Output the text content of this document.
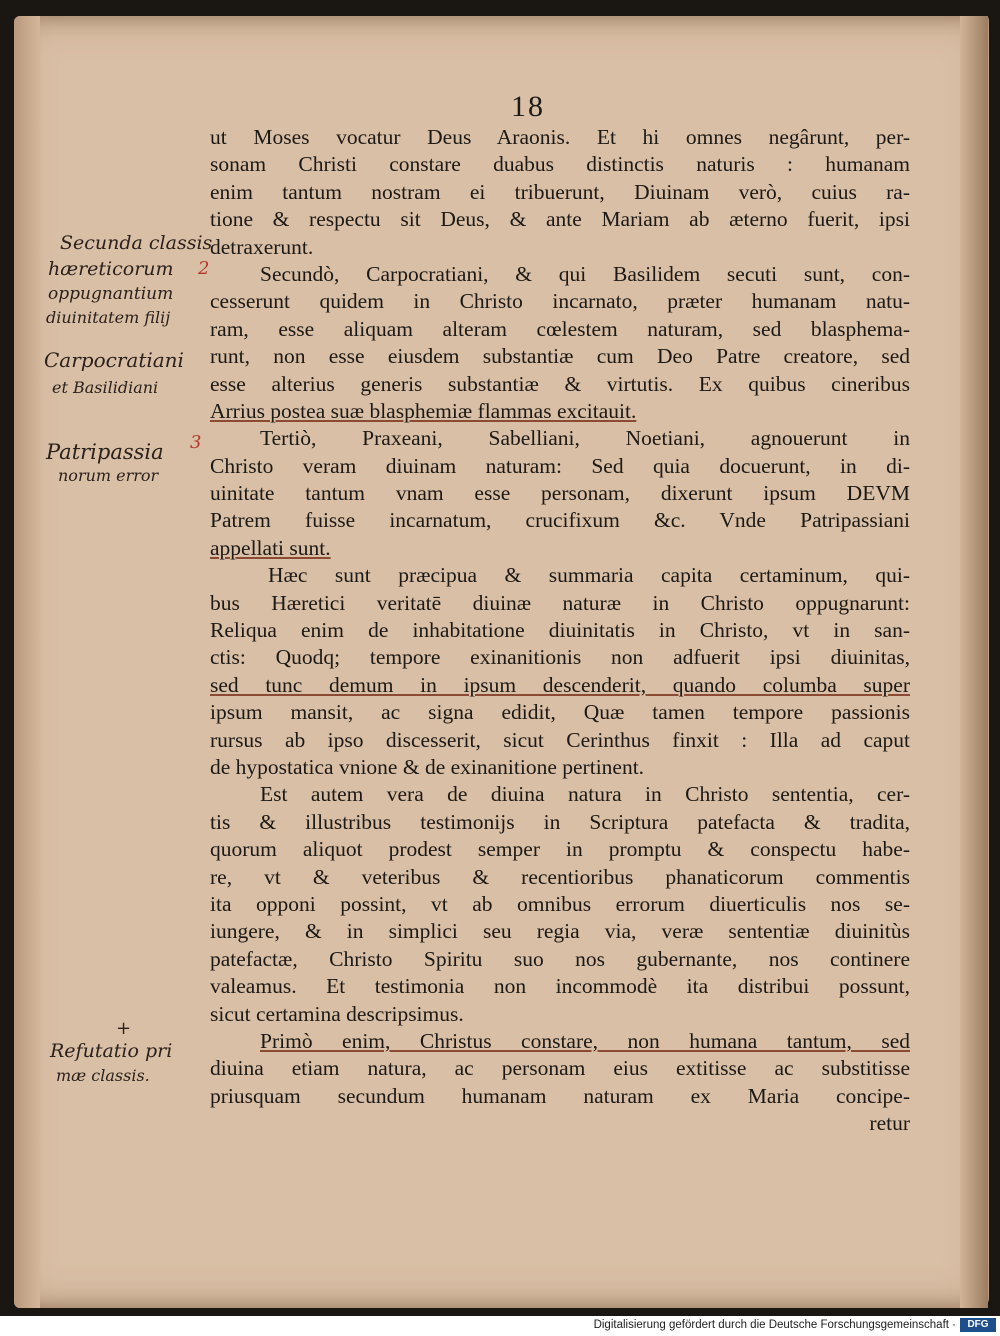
18
ut Moses vocatur Deus Araonis. Et hi omnes negârunt, per-
sonam Christi constare duabus distinctis naturis : humanam
enim tantum nostram ei tribuerunt, Diuinam verò, cuius ra-
tione & respectu sit Deus, & ante Mariam ab æterno fuerit, ipsi
detraxerunt.
Secundò, Carpocratiani, & qui Basilidem secuti sunt, con-
cesserunt quidem in Christo incarnato, præter humanam natu-
ram, esse aliquam alteram cœlestem naturam, sed blasphema-
runt, non esse eiusdem substantiæ cum Deo Patre creatore, sed
esse alterius generis substantiæ & virtutis. Ex quibus cineribus
Arrius postea suæ blasphemiæ flammas excitauit.
Tertiò, Praxeani, Sabelliani, Noetiani, agnouerunt in
Christo veram diuinam naturam: Sed quia docuerunt, in di-
uinitate tantum vnam esse personam, dixerunt ipsum DEVM
Patrem fuisse incarnatum, crucifixum &c. Vnde Patripassiani
appellati sunt.
Hæc sunt præcipua & summaria capita certaminum, qui-
bus Hæretici veritatē diuinæ naturæ in Christo oppugnarunt:
Reliqua enim de inhabitatione diuinitatis in Christo, vt in san-
ctis: Quodq; tempore exinanitionis non adfuerit ipsi diuinitas,
sed tunc demum in ipsum descenderit, quando columba super
ipsum mansit, ac signa edidit, Quæ tamen tempore passionis
rursus ab ipso discesserit, sicut Cerinthus finxit : Illa ad caput
de hypostatica vnione & de exinanitione pertinent.
Est autem vera de diuina natura in Christo sententia, cer-
tis & illustribus testimonijs in Scriptura patefacta & tradita,
quorum aliquot prodest semper in promptu & conspectu habe-
re, vt & veteribus & recentioribus phanaticorum commentis
ita opponi possint, vt ab omnibus errorum diuerticulis nos se-
iungere, & in simplici seu regia via, veræ sententiæ diuinitùs
patefactæ, Christo Spiritu suo nos gubernante, nos continere
valeamus. Et testimonia non incommodè ita distribui possunt,
sicut certamina descripsimus.
Primò enim, Christus constare, non humana tantum, sed
diuina etiam natura, ac personam eius extitisse ac substitisse
priusquam secundum humanam naturam ex Maria concipe-
retur
Secunda classis
hæreticorum
oppugnantium
diuinitatem filij
Carpocratiani
et Basilidiani
Patripassia
norum error
Refutatio pri
mæ classis.
2
3
+
Digitalisierung gefördert durch die Deutsche Forschungsgemeinschaft ·	DFG
